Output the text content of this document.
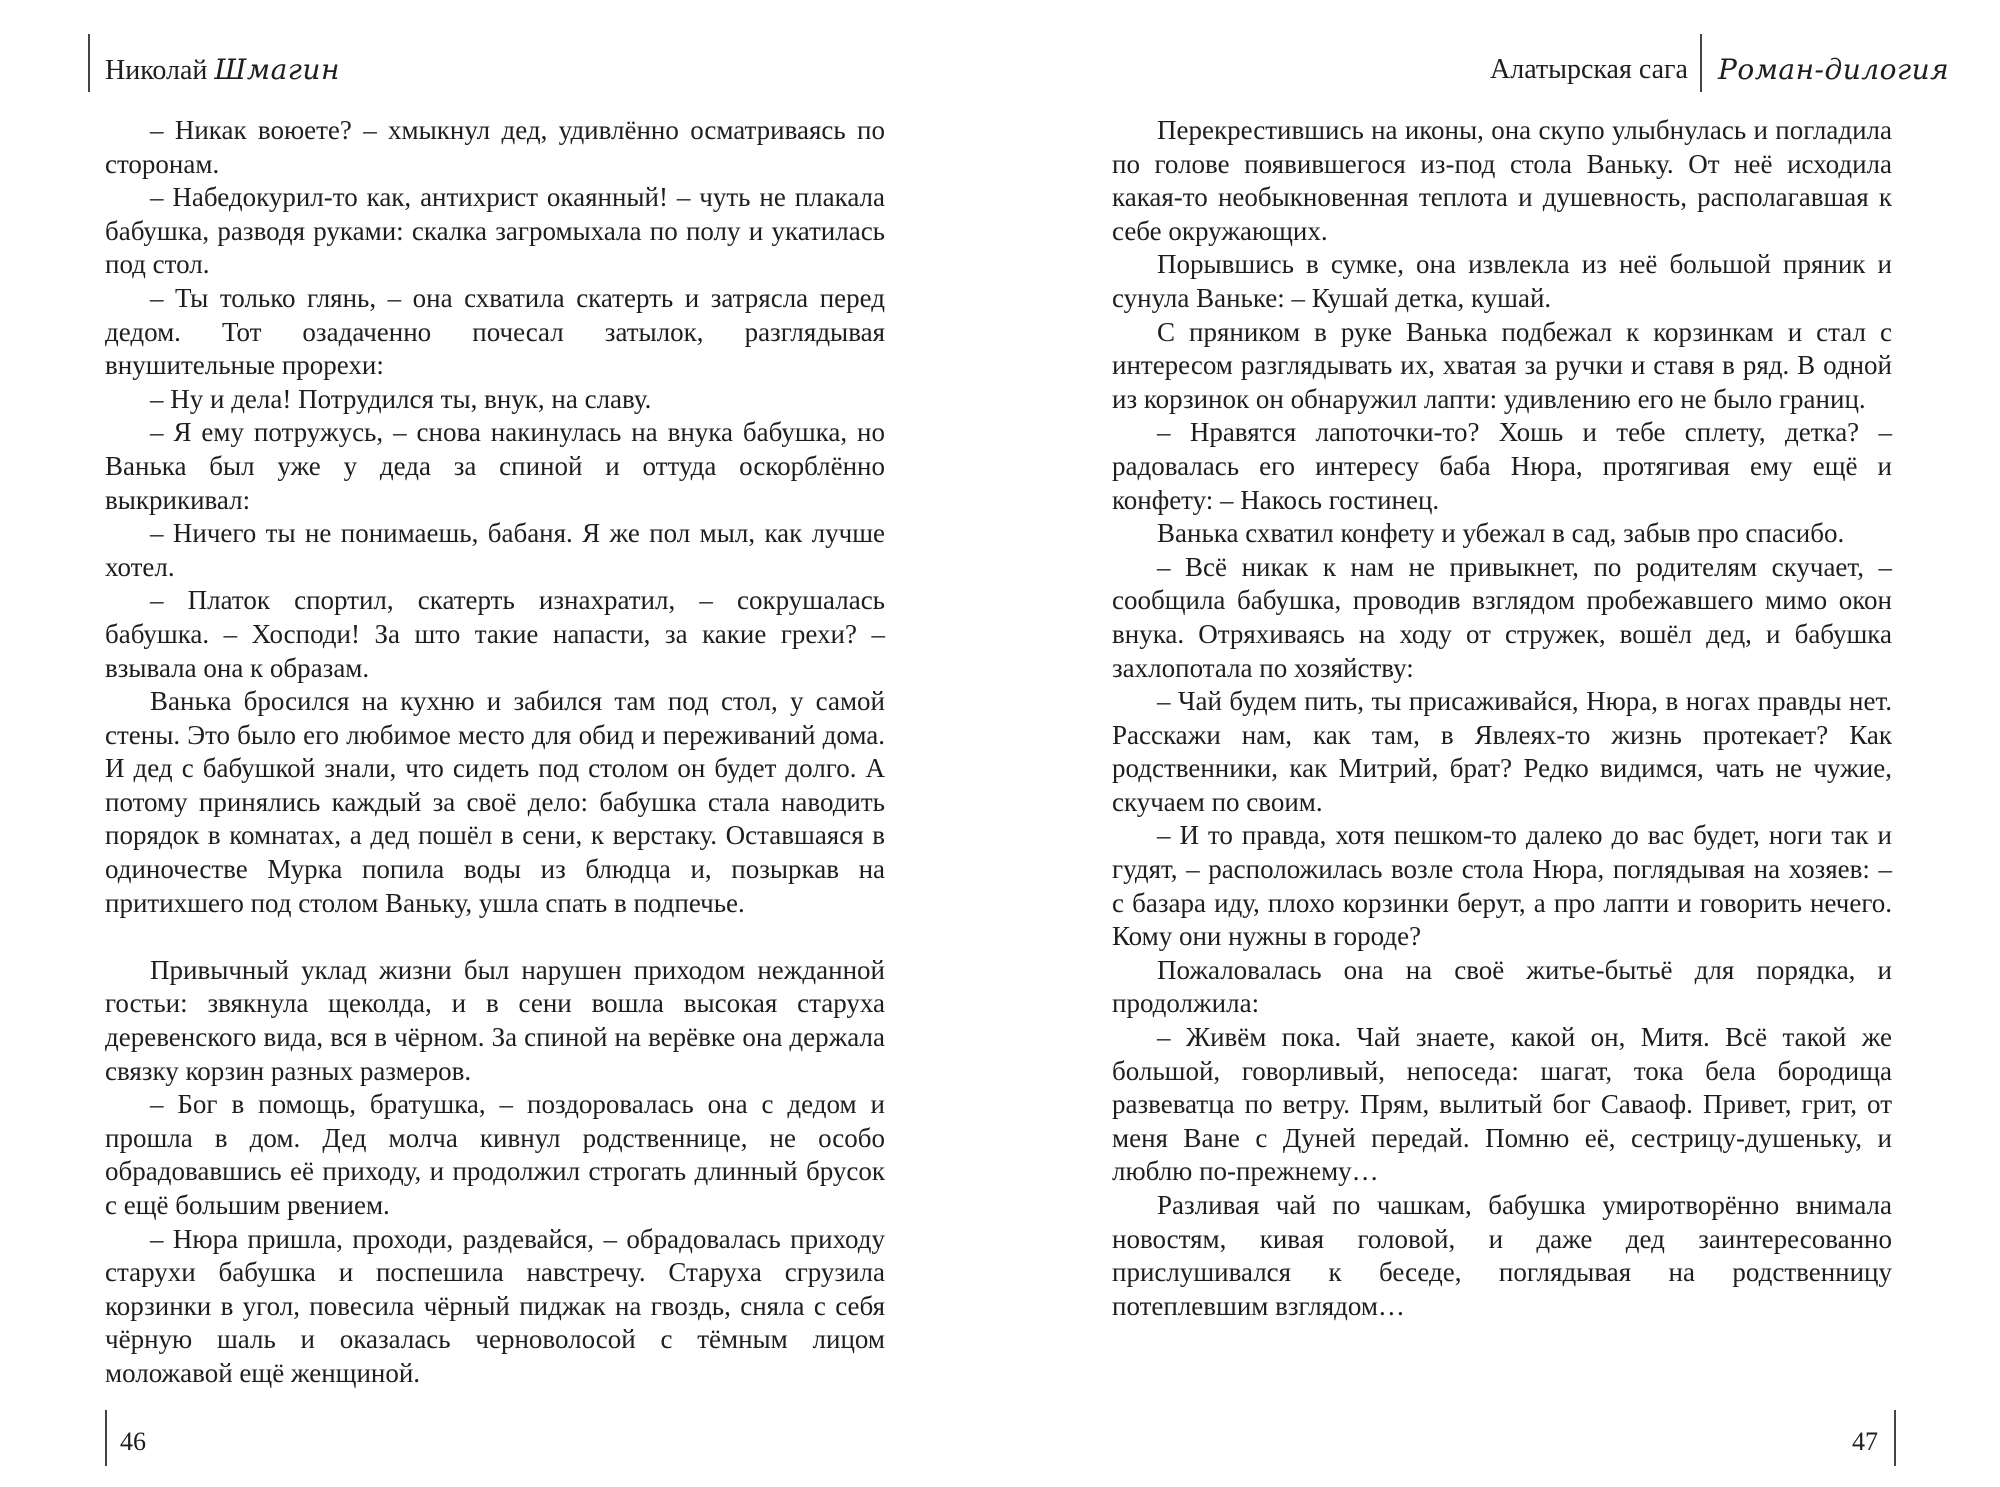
Николай Шмагин

– Никак воюете? – хмыкнул дед, удивлённо осматриваясь по сторонам.

– Набедокурил-то как, антихрист окаянный! – чуть не плакала бабушка, разводя руками: скалка загромыхала по полу и укатилась под стол.

– Ты только глянь, – она схватила скатерть и затрясла перед дедом. Тот озадаченно почесал затылок, разглядывая внушительные прорехи:

– Ну и дела! Потрудился ты, внук, на славу.

– Я ему потружусь, – снова накинулась на внука бабушка, но Ванька был уже у деда за спиной и оттуда оскорблённо выкрикивал:

– Ничего ты не понимаешь, бабаня. Я же пол мыл, как лучше хотел.

– Платок спортил, скатерть изнахратил, – сокрушалась бабушка. – Хосподи! За што такие напасти, за какие грехи? – взывала она к образам.

Ванька бросился на кухню и забился там под стол, у самой стены. Это было его любимое место для обид и переживаний дома. И дед с бабушкой знали, что сидеть под столом он будет долго. А потому принялись каждый за своё дело: бабушка стала наводить порядок в комнатах, а дед пошёл в сени, к верстаку. Оставшаяся в одиночестве Мурка попила воды из блюдца и, позыркав на притихшего под столом Ваньку, ушла спать в подпечье.

Привычный уклад жизни был нарушен приходом нежданной гостьи: звякнула щеколда, и в сени вошла высокая старуха деревенского вида, вся в чёрном. За спиной на верёвке она держала связку корзин разных размеров.

– Бог в помощь, братушка, – поздоровалась она с дедом и прошла в дом. Дед молча кивнул родственнице, не особо обрадовавшись её приходу, и продолжил строгать длинный брусок с ещё большим рвением.

– Нюра пришла, проходи, раздевайся, – обрадовалась приходу старухи бабушка и поспешила навстречу. Старуха сгрузила корзинки в угол, повесила чёрный пиджак на гвоздь, сняла с себя чёрную шаль и оказалась черноволосой с тёмным лицом моложавой ещё женщиной.

46
Алатырская сага Роман-дилогия

Перекрестившись на иконы, она скупо улыбнулась и погладила по голове появившегося из-под стола Ваньку. От неё исходила какая-то необыкновенная теплота и душевность, располагавшая к себе окружающих.

Порывшись в сумке, она извлекла из неё большой пряник и сунула Ваньке: – Кушай детка, кушай.

С пряником в руке Ванька подбежал к корзинкам и стал с интересом разглядывать их, хватая за ручки и ставя в ряд. В одной из корзинок он обнаружил лапти: удивлению его не было границ.

– Нравятся лапоточки-то? Хошь и тебе сплету, детка? – радовалась его интересу баба Нюра, протягивая ему ещё и конфету: – Накось гостинец.

Ванька схватил конфету и убежал в сад, забыв про спасибо.

– Всё никак к нам не привыкнет, по родителям скучает, – сообщила бабушка, проводив взглядом пробежавшего мимо окон внука. Отряхиваясь на ходу от стружек, вошёл дед, и бабушка захлопотала по хозяйству:

– Чай будем пить, ты присаживайся, Нюра, в ногах правды нет. Расскажи нам, как там, в Явлеях-то жизнь протекает? Как родственники, как Митрий, брат? Редко видимся, чать не чужие, скучаем по своим.

– И то правда, хотя пешком-то далеко до вас будет, ноги так и гудят, – расположилась возле стола Нюра, поглядывая на хозяев: – с базара иду, плохо корзинки берут, а про лапти и говорить нечего. Кому они нужны в городе?

Пожаловалась она на своё житье-бытьё для порядка, и продолжила:

– Живём пока. Чай знаете, какой он, Митя. Всё такой же большой, говорливый, непоседа: шагат, тока бела бородища развеватца по ветру. Прям, вылитый бог Саваоф. Привет, грит, от меня Ване с Дуней передай. Помню её, сестрицу-душеньку, и люблю по-прежнему…

Разливая чай по чашкам, бабушка умиротворённо внимала новостям, кивая головой, и даже дед заинтересованно прислушивался к беседе, поглядывая на родственницу потеплевшим взглядом…

47
